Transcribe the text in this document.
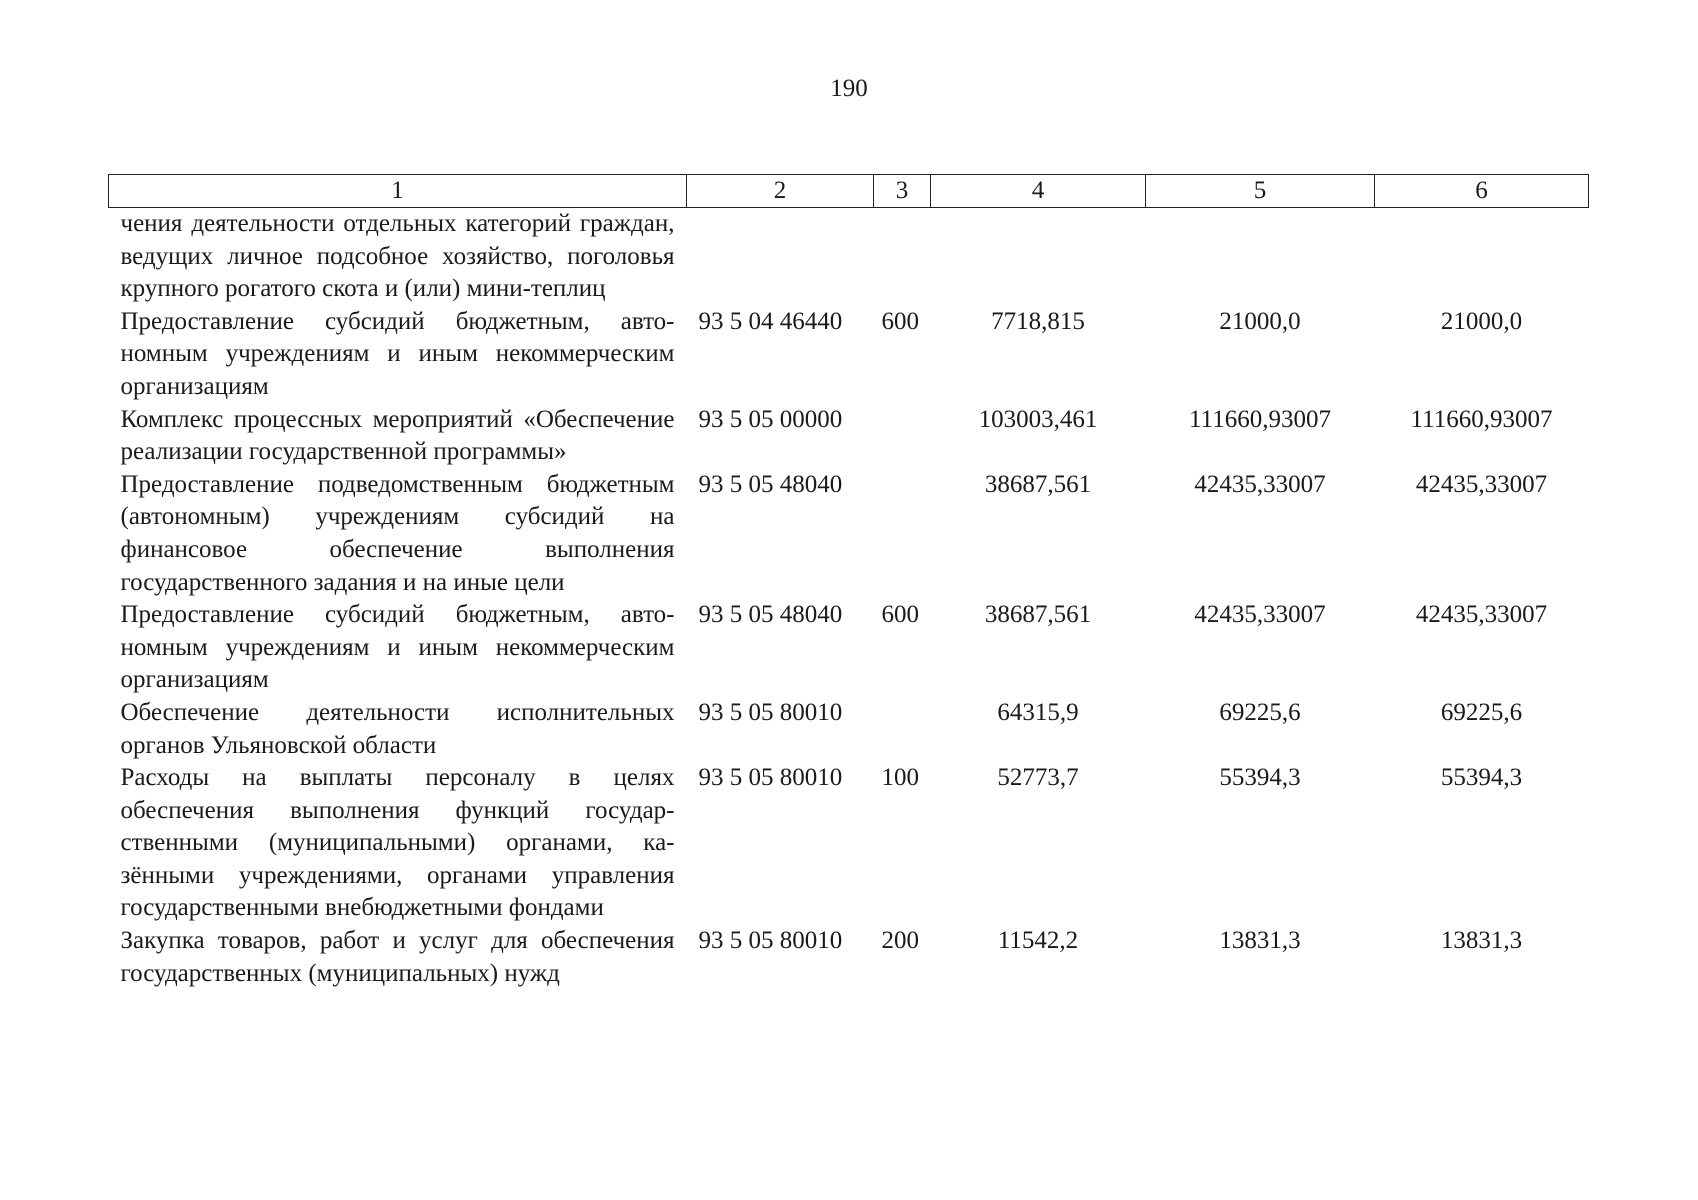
190
1	2	3	4	5	6
чения деятельности отдельных категорий граждан, ведущих личное подсобное хозяйство, поголовья крупного рогатого скота и (или) мини-теплиц					
Предоставление субсидий бюджетным, автономным учреждениям и иным некоммерческим организациям	93 5 04 46440	600	7718,815	21000,0	21000,0
Комплекс процессных мероприятий «Обеспечение реализации государственной программы»	93 5 05 00000		103003,461	111660,93007	111660,93007
Предоставление подведомственным бюджетным (автономным) учреждениям субсидий на финансовое обеспечение выполнения государственного задания и на иные цели	93 5 05 48040		38687,561	42435,33007	42435,33007
Предоставление субсидий бюджетным, автономным учреждениям и иным некоммерческим организациям	93 5 05 48040	600	38687,561	42435,33007	42435,33007
Обеспечение деятельности исполнительных органов Ульяновской области	93 5 05 80010		64315,9	69225,6	69225,6
Расходы на выплаты персоналу в целях обеспечения выполнения функций государственными (муниципальными) органами, казёнными учреждениями, органами управления государственными внебюджетными фондами	93 5 05 80010	100	52773,7	55394,3	55394,3
Закупка товаров, работ и услуг для обеспечения государственных (муниципальных) нужд	93 5 05 80010	200	11542,2	13831,3	13831,3
